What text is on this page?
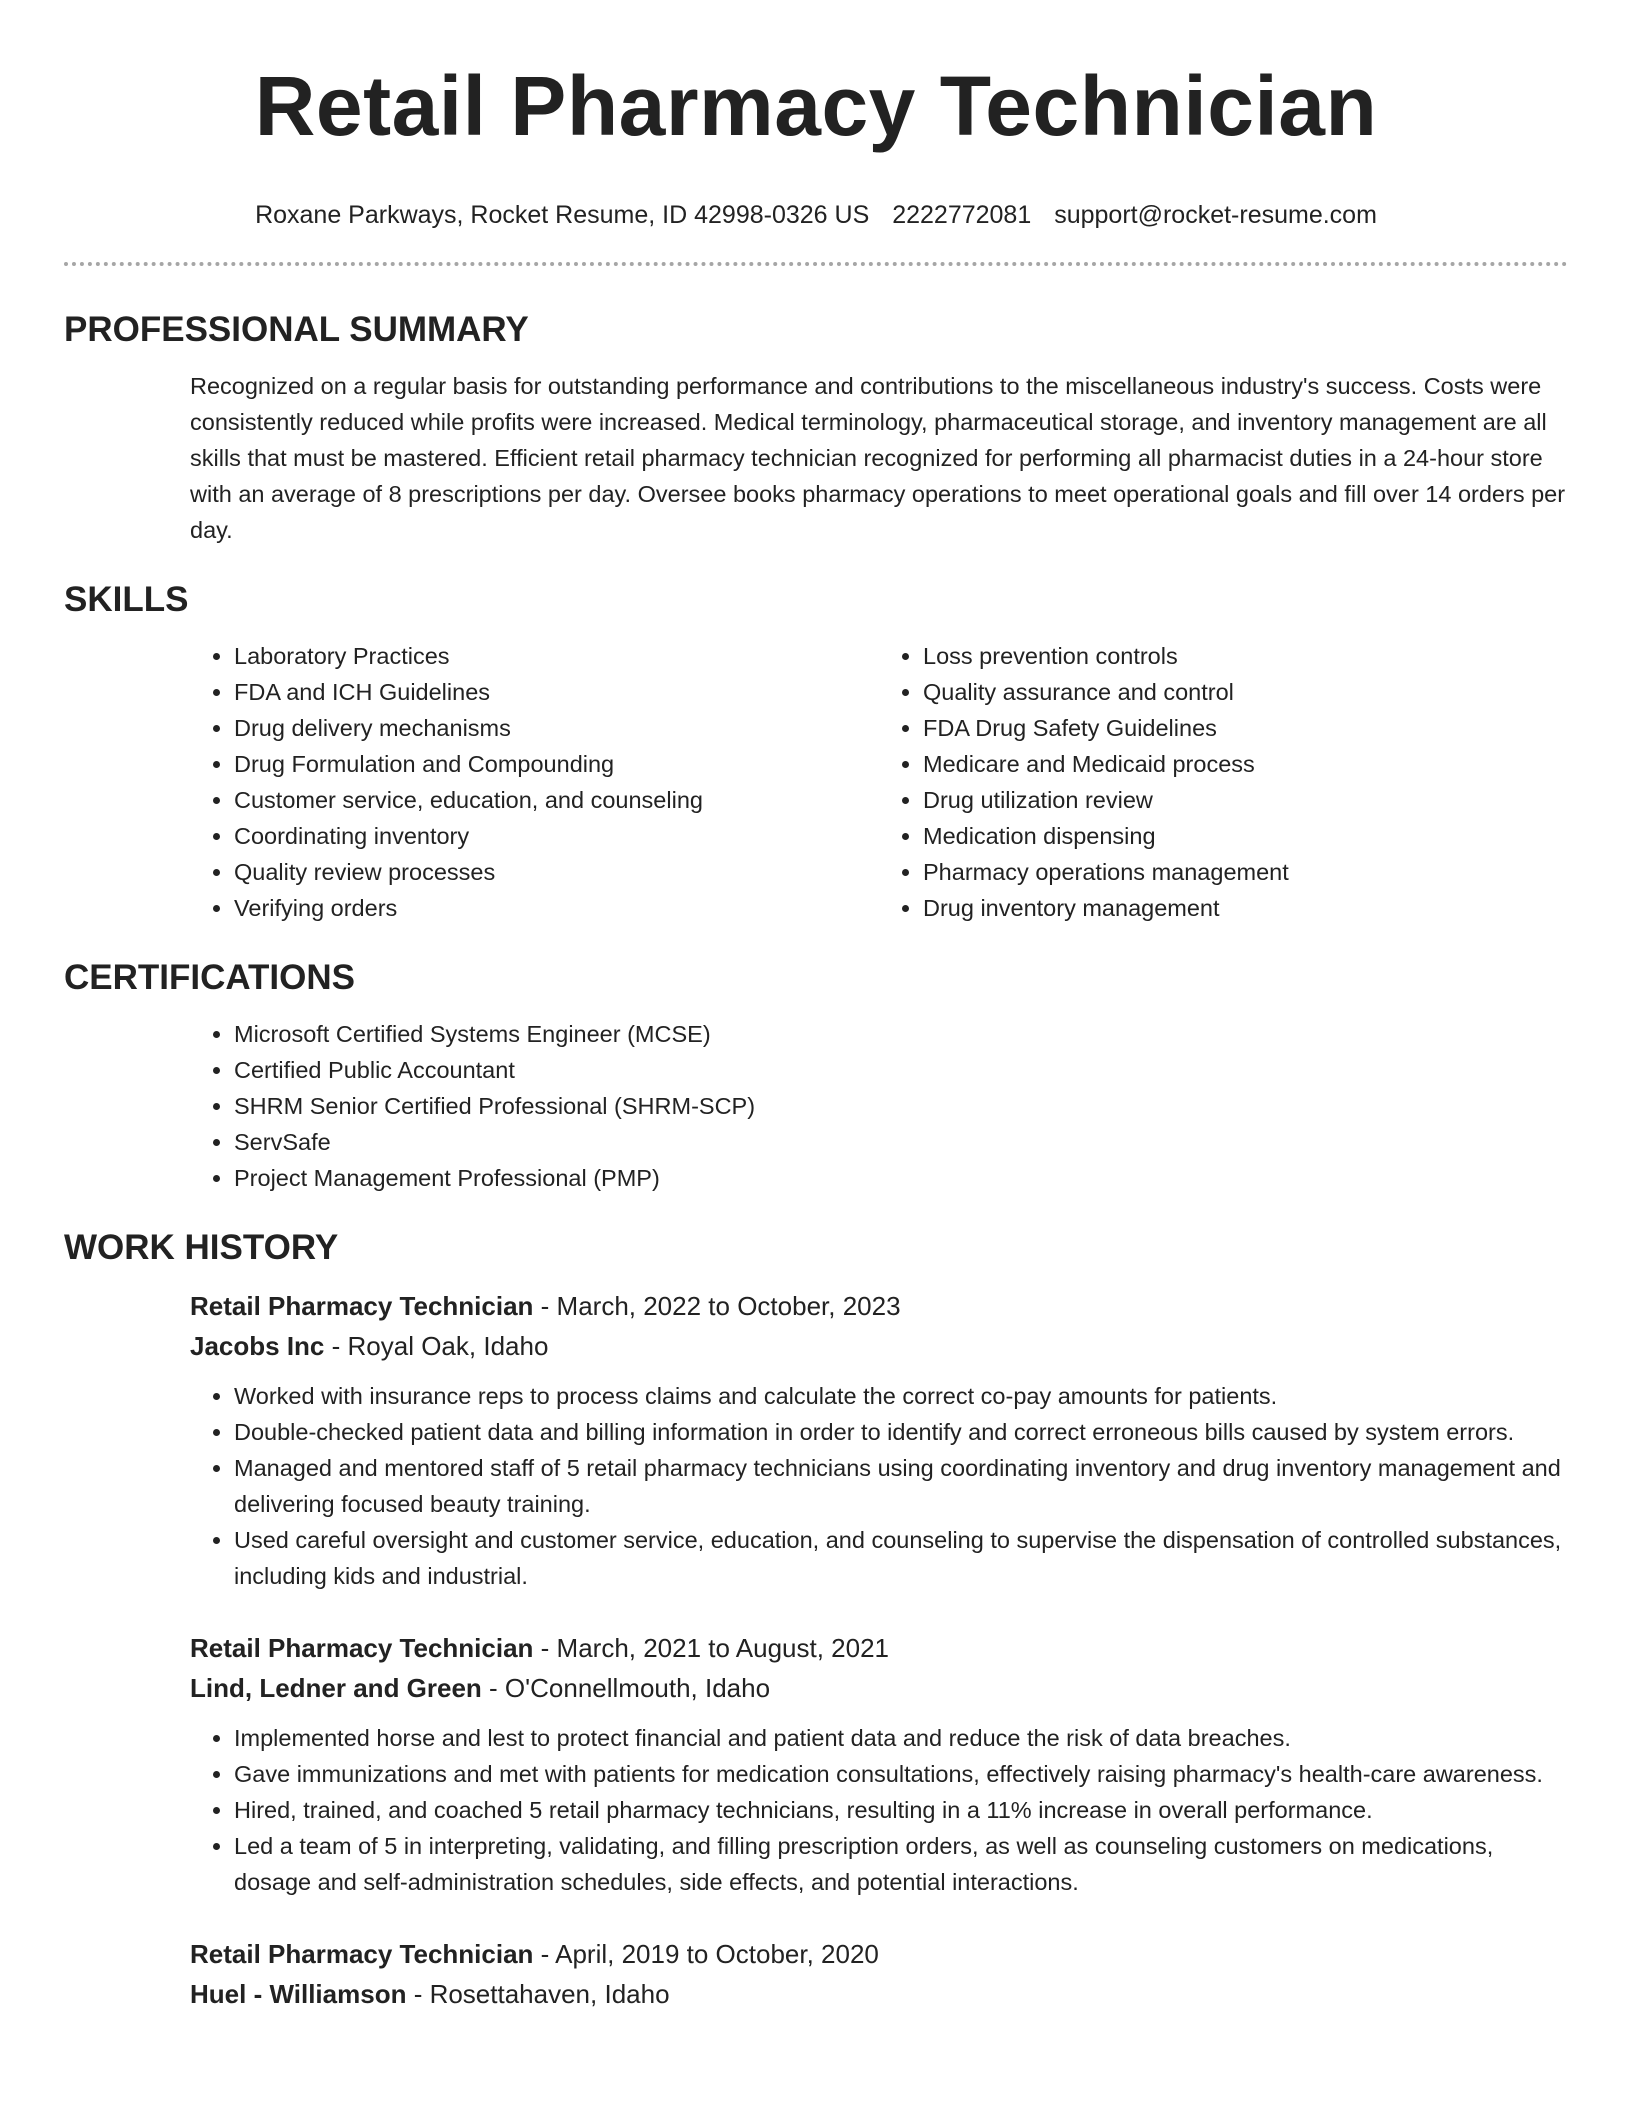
Retail Pharmacy Technician
Roxane Parkways, Rocket Resume, ID 42998-0326 US 2222772081 support@rocket-resume.com
PROFESSIONAL SUMMARY

Recognized on a regular basis for outstanding performance and contributions to the miscellaneous industry's success. Costs were consistently reduced while profits were increased. Medical terminology, pharmaceutical storage, and inventory management are all skills that must be mastered. Efficient retail pharmacy technician recognized for performing all pharmacist duties in a 24-hour store with an average of 8 prescriptions per day. Oversee books pharmacy operations to meet operational goals and fill over 14 orders per day.

SKILLS
• Laboratory Practices
• FDA and ICH Guidelines
• Drug delivery mechanisms
• Drug Formulation and Compounding
• Customer service, education, and counseling
• Coordinating inventory
• Quality review processes
• Verifying orders
• Loss prevention controls
• Quality assurance and control
• FDA Drug Safety Guidelines
• Medicare and Medicaid process
• Drug utilization review
• Medication dispensing
• Pharmacy operations management
• Drug inventory management
CERTIFICATIONS
• Microsoft Certified Systems Engineer (MCSE)
• Certified Public Accountant
• SHRM Senior Certified Professional (SHRM-SCP)
• ServSafe
• Project Management Professional (PMP)
WORK HISTORY
Retail Pharmacy Technician - March, 2022 to October, 2023
Jacobs Inc - Royal Oak, Idaho
• Worked with insurance reps to process claims and calculate the correct co-pay amounts for patients.
• Double-checked patient data and billing information in order to identify and correct erroneous bills caused by system errors.
• Managed and mentored staff of 5 retail pharmacy technicians using coordinating inventory and drug inventory management and delivering focused beauty training.
• Used careful oversight and customer service, education, and counseling to supervise the dispensation of controlled substances, including kids and industrial.
Retail Pharmacy Technician - March, 2021 to August, 2021
Lind, Ledner and Green - O'Connellmouth, Idaho
• Implemented horse and lest to protect financial and patient data and reduce the risk of data breaches.
• Gave immunizations and met with patients for medication consultations, effectively raising pharmacy's health-care awareness.
• Hired, trained, and coached 5 retail pharmacy technicians, resulting in a 11% increase in overall performance.
• Led a team of 5 in interpreting, validating, and filling prescription orders, as well as counseling customers on medications, dosage and self-administration schedules, side effects, and potential interactions.
Retail Pharmacy Technician - April, 2019 to October, 2020
Huel - Williamson - Rosettahaven, Idaho
